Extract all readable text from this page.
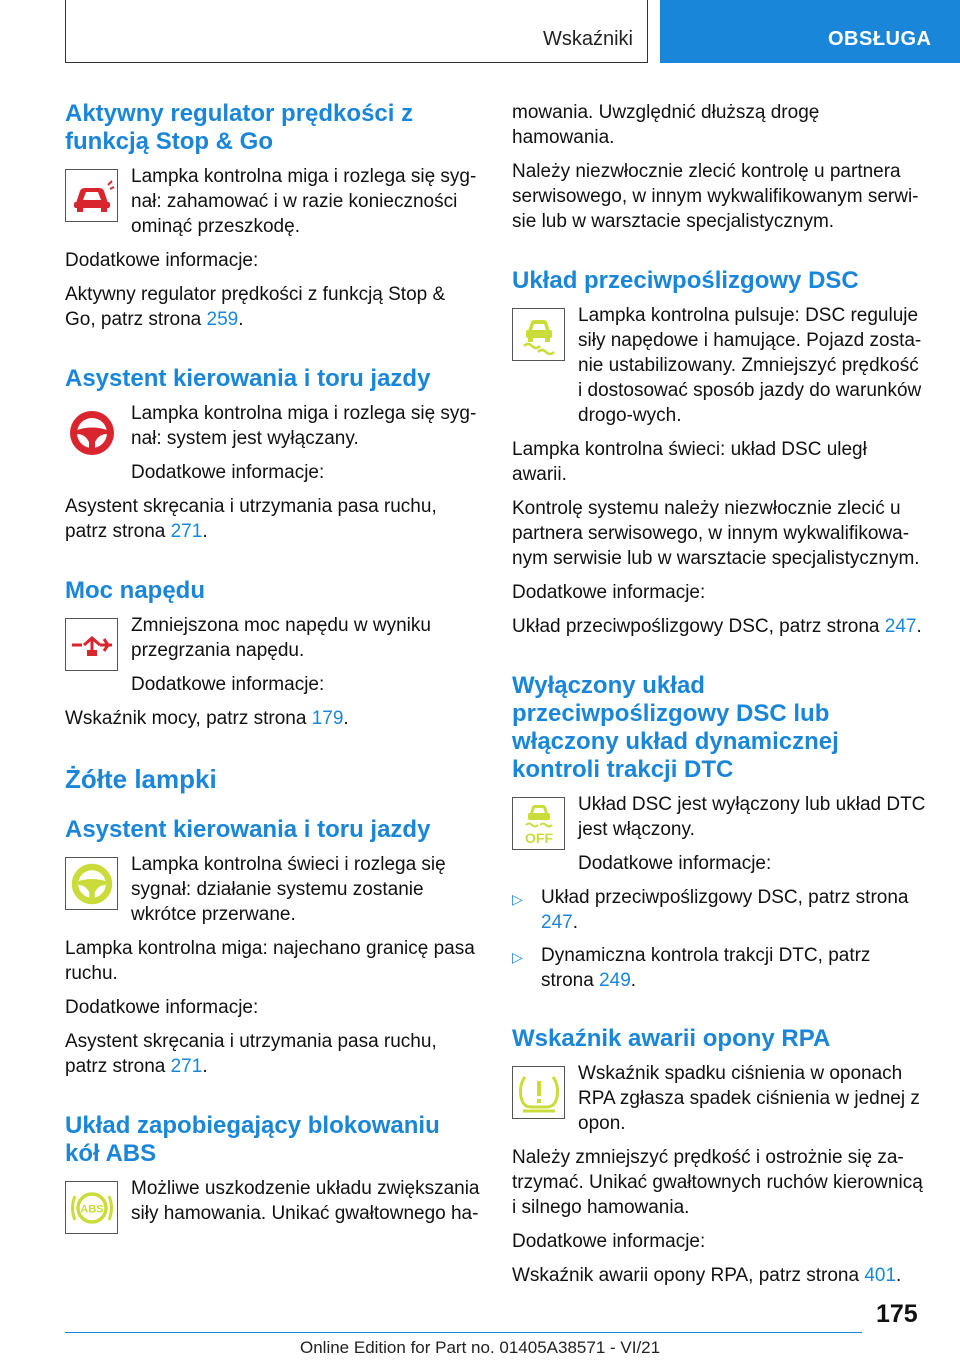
Wskaźniki	OBSŁUGA
Aktywny regulator prędkości z funkcją Stop & Go

Lampka kontrolna miga i rozlega się syg-nał: zahamować i w razie konieczności ominąć przeszkodę.

Dodatkowe informacje:

Aktywny regulator prędkości z funkcją Stop & Go, patrz strona 259.

Asystent kierowania i toru jazdy

Lampka kontrolna miga i rozlega się syg-nał: system jest wyłączany.

Dodatkowe informacje:

Asystent skręcania i utrzymania pasa ruchu, patrz strona 271.

Moc napędu

Zmniejszona moc napędu w wyniku przegrzania napędu.

Dodatkowe informacje:

Wskaźnik mocy, patrz strona 179.

Żółte lampki
Asystent kierowania i toru jazdy

Lampka kontrolna świeci i rozlega się sygnał: działanie systemu zostanie wkrótce przerwane.

Lampka kontrolna miga: najechano granicę pasa ruchu.

Dodatkowe informacje:

Asystent skręcania i utrzymania pasa ruchu, patrz strona 271.

Układ zapobiegający blokowaniu kół ABS
ABS

Możliwe uszkodzenie układu zwiększania siły hamowania. Unikać gwałtownego ha-

mowania. Uwzględnić dłuższą drogę hamowania.

Należy niezwłocznie zlecić kontrolę u partnera serwisowego, w innym wykwalifikowanym serwi-sie lub w warsztacie specjalistycznym.

Układ przeciwpoślizgowy DSC

Lampka kontrolna pulsuje: DSC reguluje siły napędowe i hamujące. Pojazd zosta-nie ustabilizowany. Zmniejszyć prędkość i dostosować sposób jazdy do warunków drogo-wych.

Lampka kontrolna świeci: układ DSC uległ awarii.

Kontrolę systemu należy niezwłocznie zlecić u partnera serwisowego, w innym wykwalifikowa-nym serwisie lub w warsztacie specjalistycznym.

Dodatkowe informacje:

Układ przeciwpoślizgowy DSC, patrz strona 247.

Wyłączony układ przeciwpoślizgowy DSC lub włączony układ dynamicznej kontroli trakcji DTC
OFF

Układ DSC jest wyłączony lub układ DTC jest włączony.

Dodatkowe informacje:

▷ Układ przeciwpoślizgowy DSC, patrz strona 247.
▷ Dynamiczna kontrola trakcji DTC, patrz strona 249.
Wskaźnik awarii opony RPA

Wskaźnik spadku ciśnienia w oponach RPA zgłasza spadek ciśnienia w jednej z opon.

Należy zmniejszyć prędkość i ostrożnie się za-trzymać. Unikać gwałtownych ruchów kierownicą i silnego hamowania.

Dodatkowe informacje:

Wskaźnik awarii opony RPA, patrz strona 401.

175
Online Edition for Part no. 01405A38571 - VI/21
